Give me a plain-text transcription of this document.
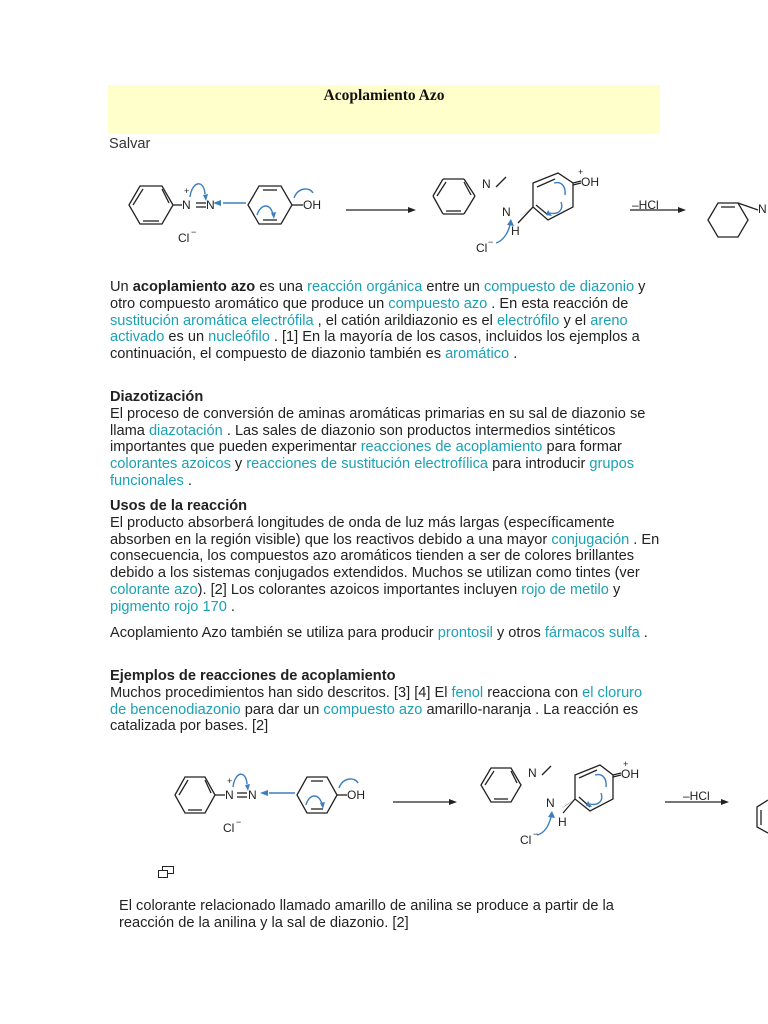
Acoplamiento Azo
Salvar
N
+
N	OH
Cl −
N
N
OH
+
H
Cl −
–HCl	N

Un acoplamiento azo es una reacción orgánica entre un compuesto de diazonio y otro compuesto aromático que produce un compuesto azo . En esta reacción de sustitución aromática electrófila , el catión arildiazonio es el electrófilo y el areno activado es un nucleófilo . [1] En la mayoría de los casos, incluidos los ejemplos a continuación, el compuesto de diazonio también es aromático .

Diazotización

El proceso de conversión de aminas aromáticas primarias en su sal de diazonio se llama diazotación . Las sales de diazonio son productos intermedios sintéticos importantes que pueden experimentar reacciones de acoplamiento para formar colorantes azoicos y reacciones de sustitución electrofílica para introducir grupos funcionales .

Usos de la reacción

El producto absorberá longitudes de onda de luz más largas (específicamente absorben en la región visible) que los reactivos debido a una mayor conjugación . En consecuencia, los compuestos azo aromáticos tienden a ser de colores brillantes debido a los sistemas conjugados extendidos. Muchos se utilizan como tintes (ver colorante azo). [2] Los colorantes azoicos importantes incluyen rojo de metilo y pigmento rojo 170 .

Acoplamiento Azo también se utiliza para producir prontosil y otros fármacos sulfa .

Ejemplos de reacciones de acoplamiento

Muchos procedimientos han sido descritos. [3] [4] El fenol reacciona con el cloruro de bencenodiazonio para dar un compuesto azo amarillo-naranja . La reacción es catalizada por bases. [2]

N
+
N	OH
Cl −
N
N
OH
+
H
Cl −
–HCl

El colorante relacionado llamado amarillo de anilina se produce a partir de la reacción de la anilina y la sal de diazonio. [2]
